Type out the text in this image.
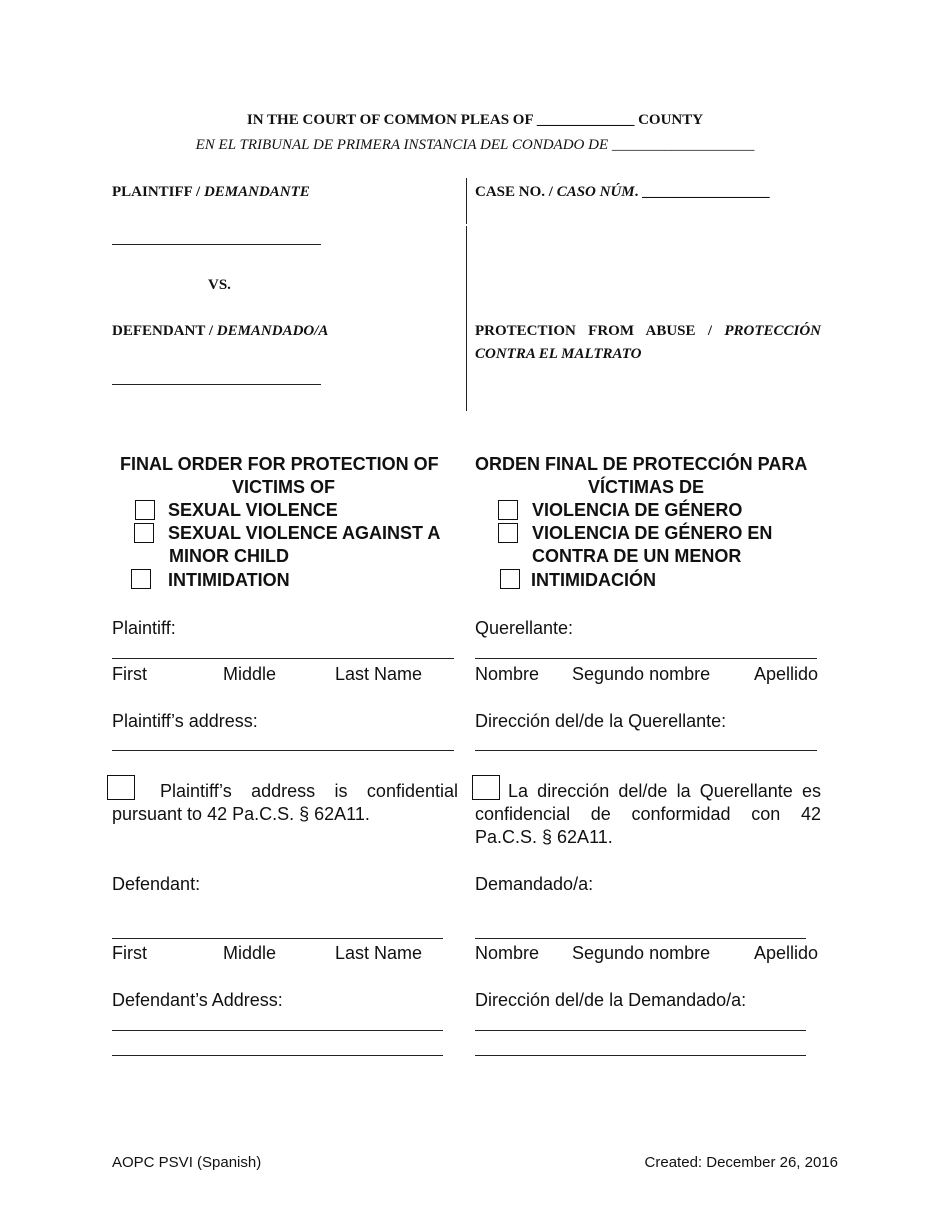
IN THE COURT OF COMMON PLEAS OF _____________ COUNTY
EN EL TRIBUNAL DE PRIMERA INSTANCIA DEL CONDADO DE ___________________
PLAINTIFF / DEMANDANTE
VS.
DEFENDANT / DEMANDADO/A
CASE NO. / CASO NÚM. _________________
PROTECTION FROM ABUSE / PROTECCIÓN
CONTRA EL MALTRATO
FINAL ORDER FOR PROTECTION OF
VICTIMS OF
SEXUAL VIOLENCE
SEXUAL VIOLENCE AGAINST A
MINOR CHILD
INTIMIDATION
ORDEN FINAL DE PROTECCIÓN PARA
VÍCTIMAS DE
VIOLENCIA DE GÉNERO
VIOLENCIA DE GÉNERO EN
CONTRA DE UN MENOR
INTIMIDACIÓN
Plaintiff:
First	Middle	Last Name
Plaintiff’s address:
Querellante:
Nombre Segundo nombre Apellido
Dirección del/de la Querellante:
Plaintiff’s address is confidential
pursuant to 42 Pa.C.S. § 62A11.
La dirección del/de la Querellante es
confidencial de conformidad con 42
Pa.C.S. § 62A11.
Defendant:
First	Middle	Last Name
Defendant’s Address:
Demandado/a:
Nombre Segundo nombre Apellido
Dirección del/de la Demandado/a:
AOPC PSVI (Spanish)	Created: December 26, 2016
